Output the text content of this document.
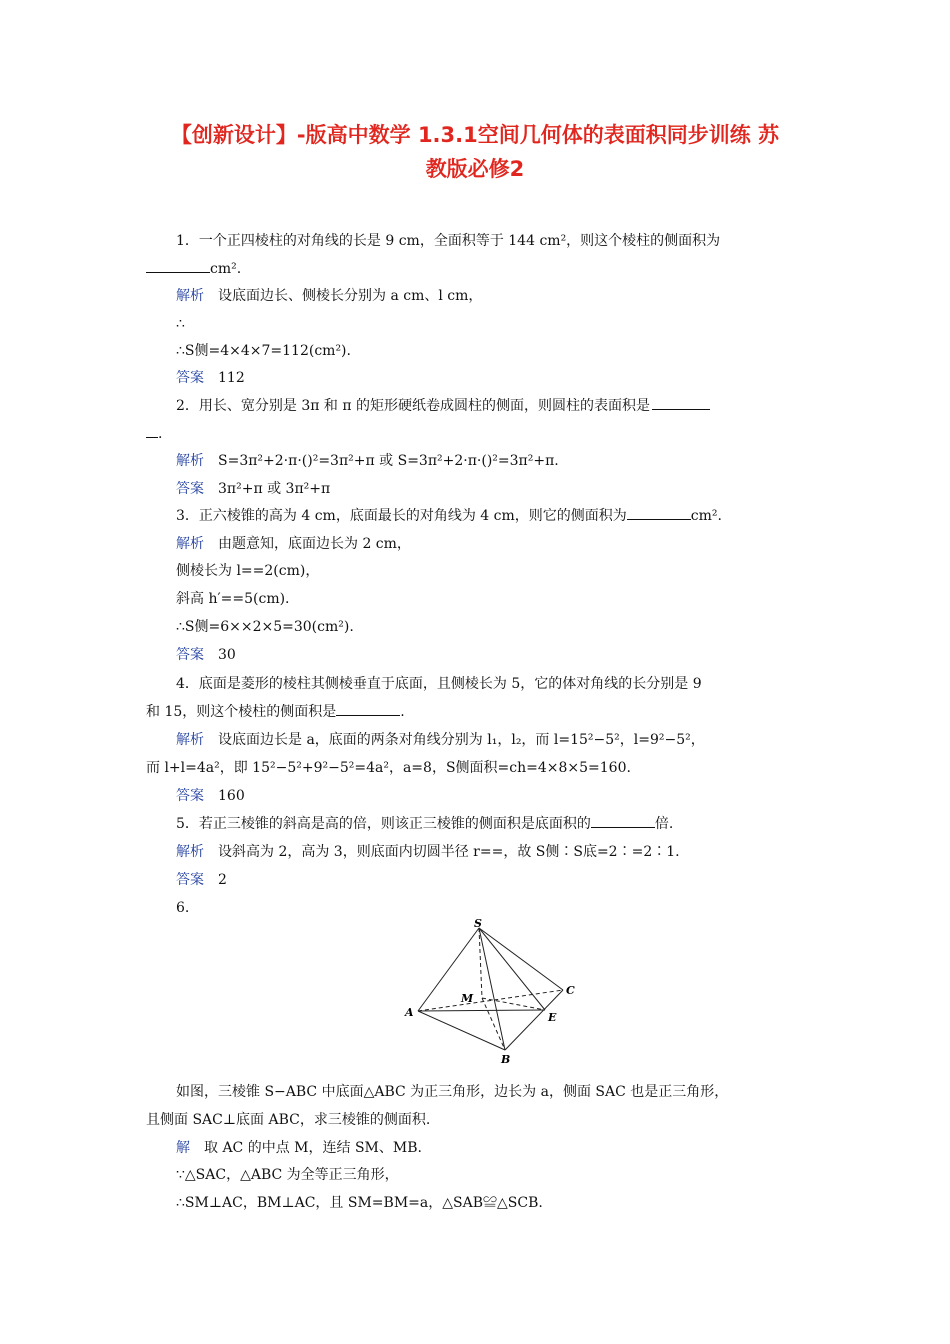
【创新设计】-版高中数学 1.3.1空间几何体的表面积同步训练 苏
教版必修2
1．一个正四棱柱的对角线的长是 9 cm，全面积等于 144 cm²，则这个棱柱的侧面积为
cm².
解析 设底面边长、侧棱长分别为 a cm、l cm，
∴
∴S侧=4×4×7=112(cm²).
答案 112
2．用长、宽分别是 3π 和 π 的矩形硬纸卷成圆柱的侧面，则圆柱的表面积是
.
解析 S=3π²+2·π·()²=3π²+π 或 S=3π²+2·π·()²=3π²+π.
答案 3π²+π 或 3π²+π
3．正六棱锥的高为 4 cm，底面最长的对角线为 4 cm，则它的侧面积为	cm².
解析 由题意知，底面边长为 2 cm，
侧棱长为 l==2(cm)，
斜高 h′==5(cm).
∴S侧=6××2×5=30(cm²).
答案 30
4．底面是菱形的棱柱其侧棱垂直于底面，且侧棱长为 5，它的体对角线的长分别是 9
和 15，则这个棱柱的侧面积是	.
解析 设底面边长是 a，底面的两条对角线分别为 l₁，l₂，而 l=15²−5²，l=9²−5²，
而 l+l=4a²，即 15²−5²+9²−5²=4a²，a=8，S侧面积=ch=4×8×5=160.
答案 160
5．若正三棱锥的斜高是高的倍，则该正三棱锥的侧面积是底面积的	倍.
解析 设斜高为 2，高为 3，则底面内切圆半径 r==，故 S侧∶S底=2∶=2∶1.
答案 2
6.
S
M
C
A	E
B
如图，三棱锥 S−ABC 中底面△ABC 为正三角形，边长为 a，侧面 SAC 也是正三角形，
且侧面 SAC⊥底面 ABC，求三棱锥的侧面积.
解 取 AC 的中点 M，连结 SM、MB.
∵△SAC，△ABC 为全等正三角形，
∴SM⊥AC，BM⊥AC，且 SM=BM=a，△SAB≌△SCB.
